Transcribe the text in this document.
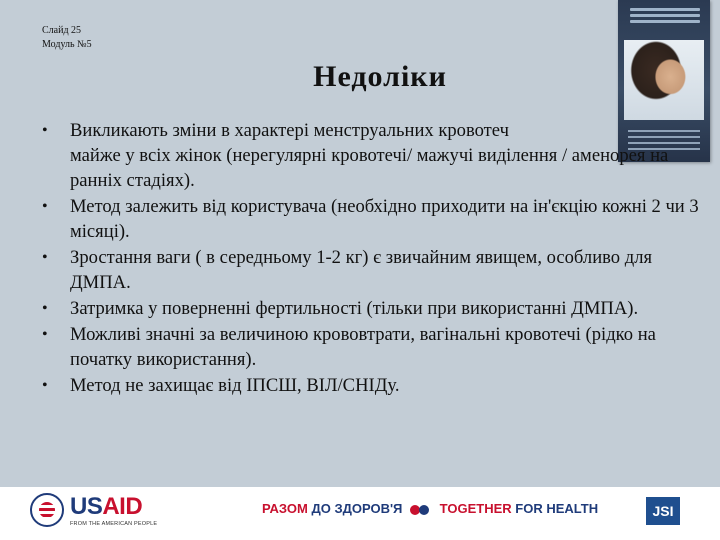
Слайд 25
Модуль №5
Недоліки
• Викликають зміни в характері менструальних кровотеч
майже у всіх жінок (нерегулярні кровотечі/ мажучі виділення / аменорея на ранніх стадіях).
• Метод залежить від користувача (необхідно приходити на ін'єкцію кожні 2 чи 3 місяці).
• Зростання ваги ( в середньому 1-2 кг) є звичайним явищем, особливо для ДМПА.
• Затримка у поверненні фертильності (тільки при використанні ДМПА).
• Можливі значні за величиною крововтрати, вагінальні кровотечі (рідко на початку використання).
• Метод не захищає від ІПСШ, ВІЛ/СНІДу.
USAID
FROM THE AMERICAN PEOPLE
РАЗОМ ДО ЗДОРОВ'Я	TOGETHER FOR HEALTH	JSI
